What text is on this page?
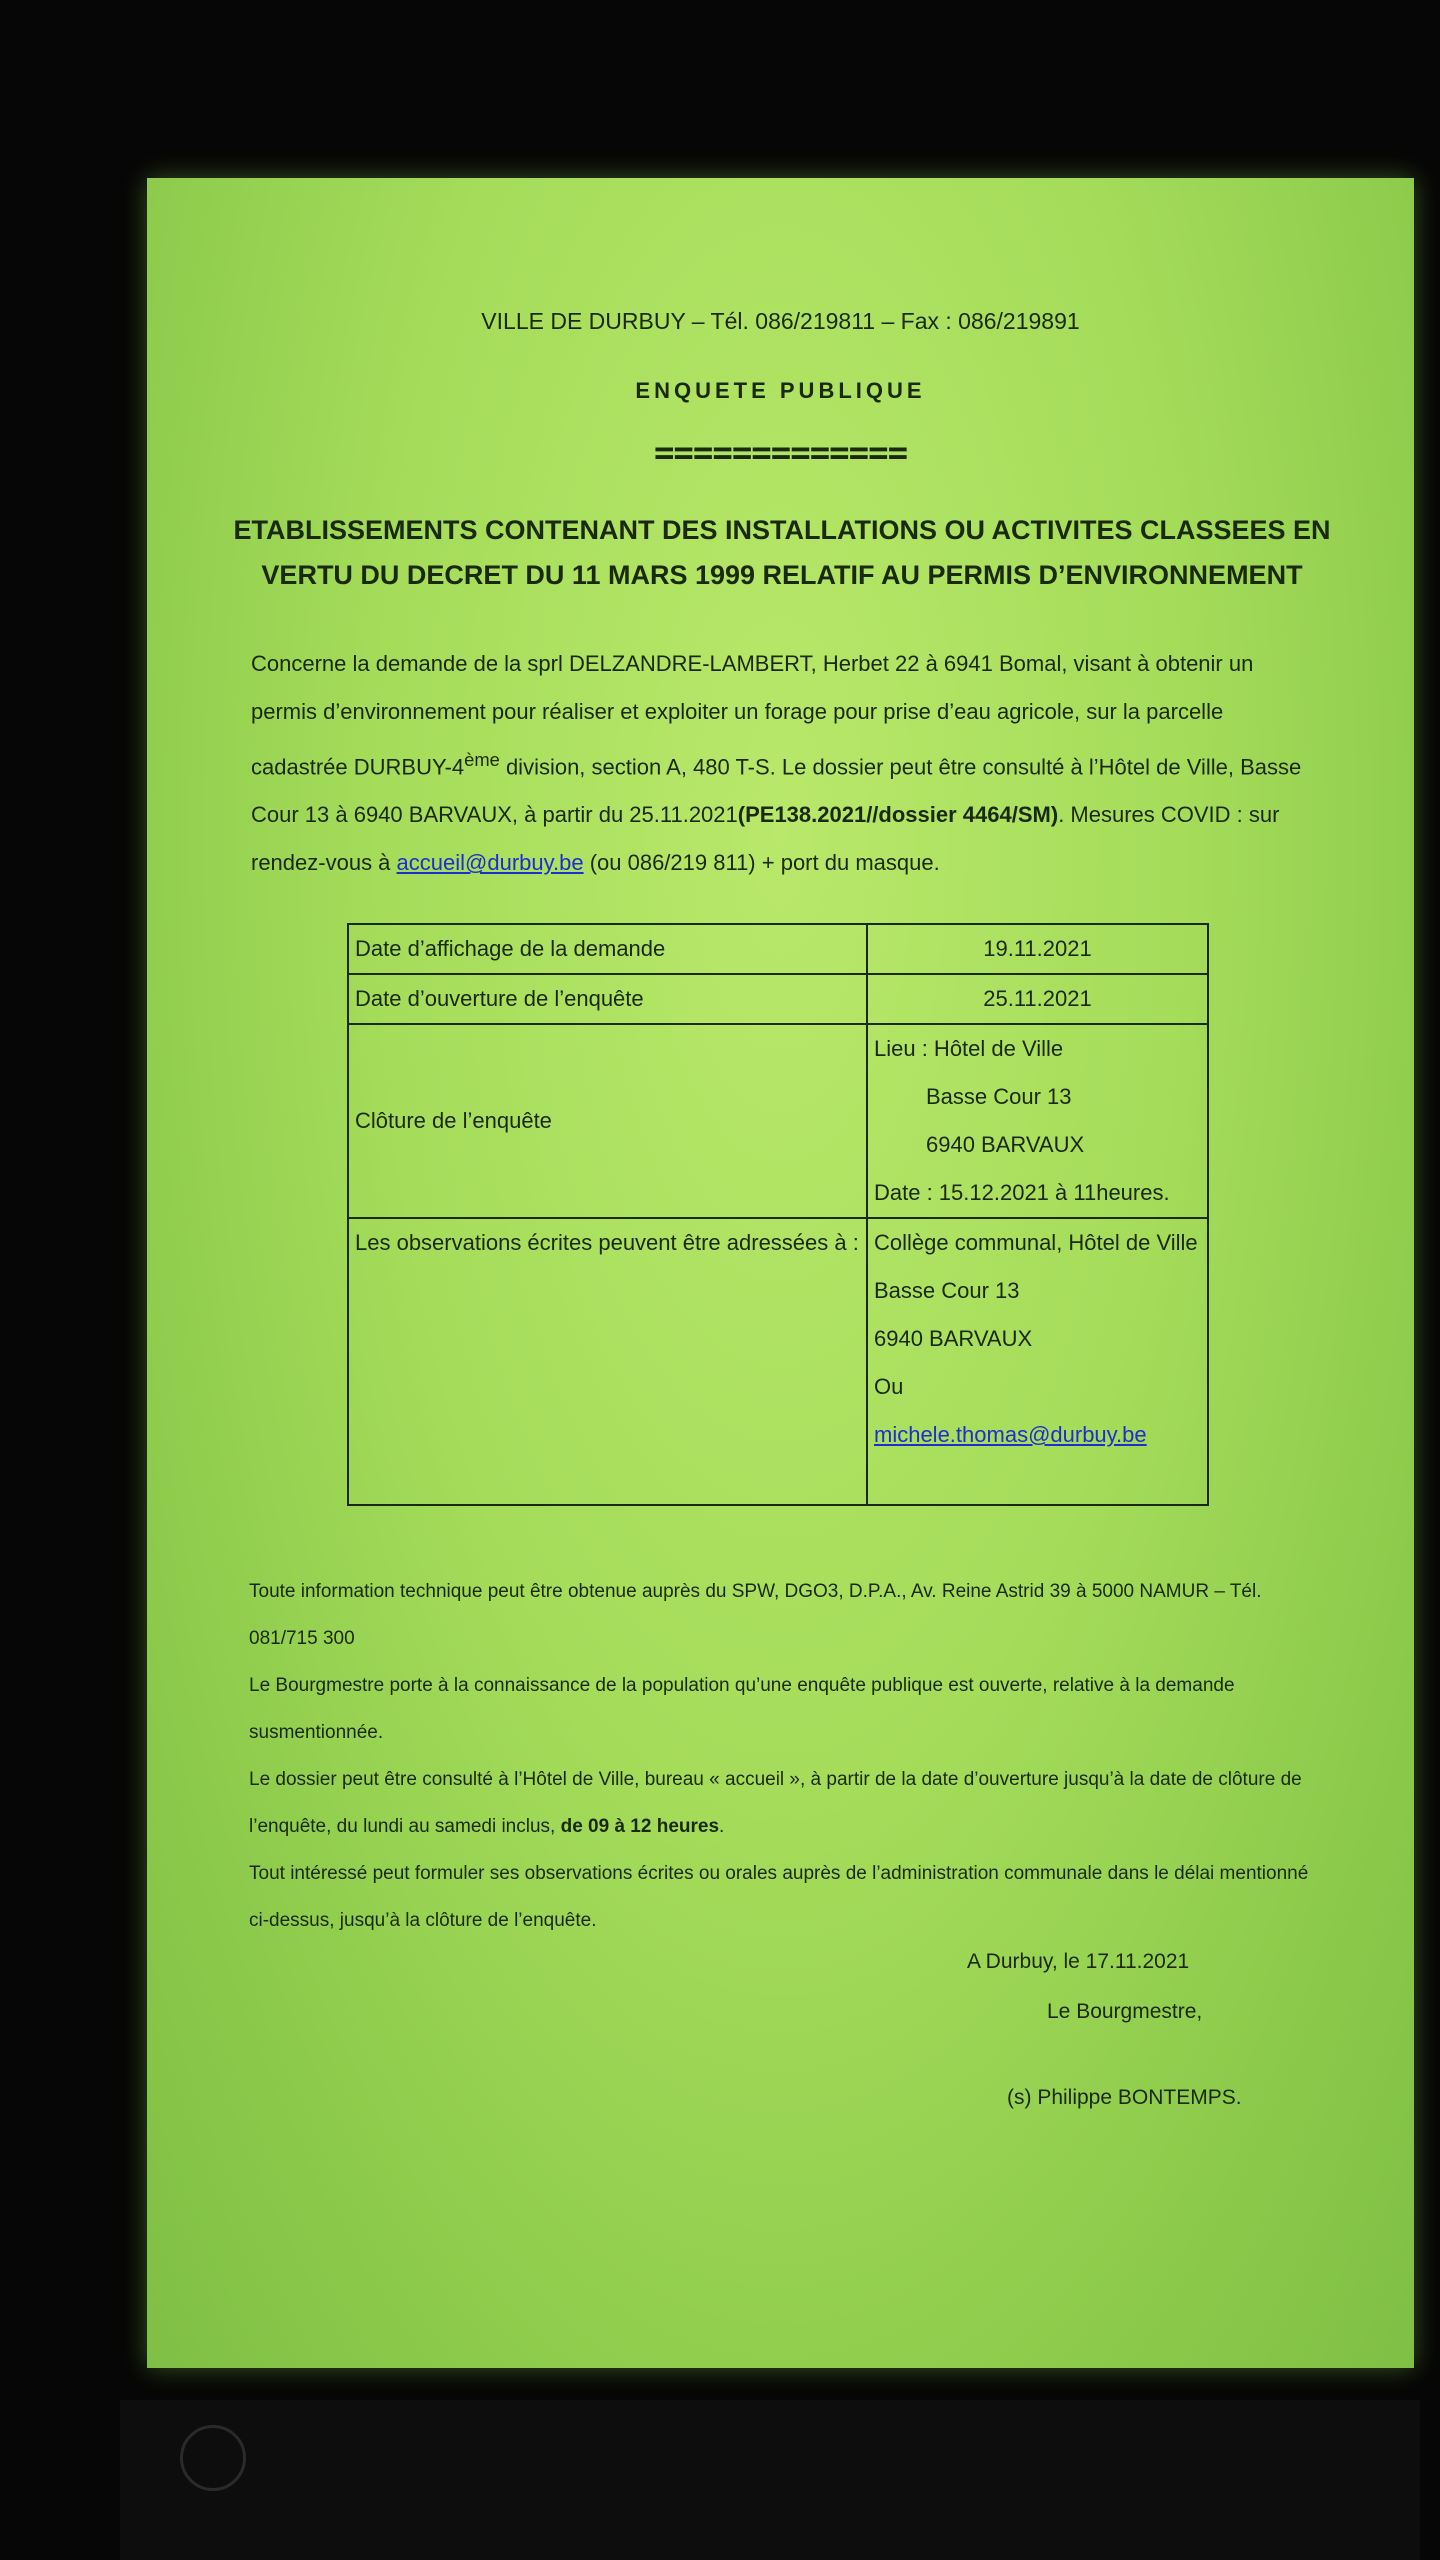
VILLE DE DURBUY – Tél. 086/219811 – Fax : 086/219891
ENQUETE PUBLIQUE
=============
ETABLISSEMENTS CONTENANT DES INSTALLATIONS OU ACTIVITES CLASSEES EN
VERTU DU DECRET DU 11 MARS 1999 RELATIF AU PERMIS D’ENVIRONNEMENT
Concerne la demande de la sprl DELZANDRE-LAMBERT, Herbet 22 à 6941 Bomal, visant à obtenir un permis d’environnement pour réaliser et exploiter un forage pour prise d’eau agricole, sur la parcelle cadastrée DURBUY-4ème division, section A, 480 T-S. Le dossier peut être consulté à l’Hôtel de Ville, Basse Cour 13 à 6940 BARVAUX, à partir du 25.11.2021(PE138.2021//dossier 4464/SM). Mesures COVID : sur rendez-vous à accueil@durbuy.be (ou 086/219 811) + port du masque.
Date d’affichage de la demande	19.11.2021
Date d’ouverture de l’enquête	25.11.2021
Clôture de l’enquête	Lieu : Hôtel de Ville
Basse Cour 13
6940 BARVAUX
Date : 15.12.2021 à 11heures.

Les observations écrites peuvent être adressées à :	Collège communal, Hôtel de Ville
Basse Cour 13
6940 BARVAUX
Ou
michele.thomas@durbuy.be

Toute information technique peut être obtenue auprès du SPW, DGO3, D.P.A., Av. Reine Astrid 39 à 5000 NAMUR – Tél. 081/715 300

Le Bourgmestre porte à la connaissance de la population qu’une enquête publique est ouverte, relative à la demande susmentionnée.

Le dossier peut être consulté à l’Hôtel de Ville, bureau « accueil », à partir de la date d’ouverture jusqu’à la date de clôture de l’enquête, du lundi au samedi inclus, de 09 à 12 heures.

Tout intéressé peut formuler ses observations écrites ou orales auprès de l’administration communale dans le délai mentionné ci-dessus, jusqu’à la clôture de l’enquête.

A Durbuy, le 17.11.2021
Le Bourgmestre,
(s) Philippe BONTEMPS.
